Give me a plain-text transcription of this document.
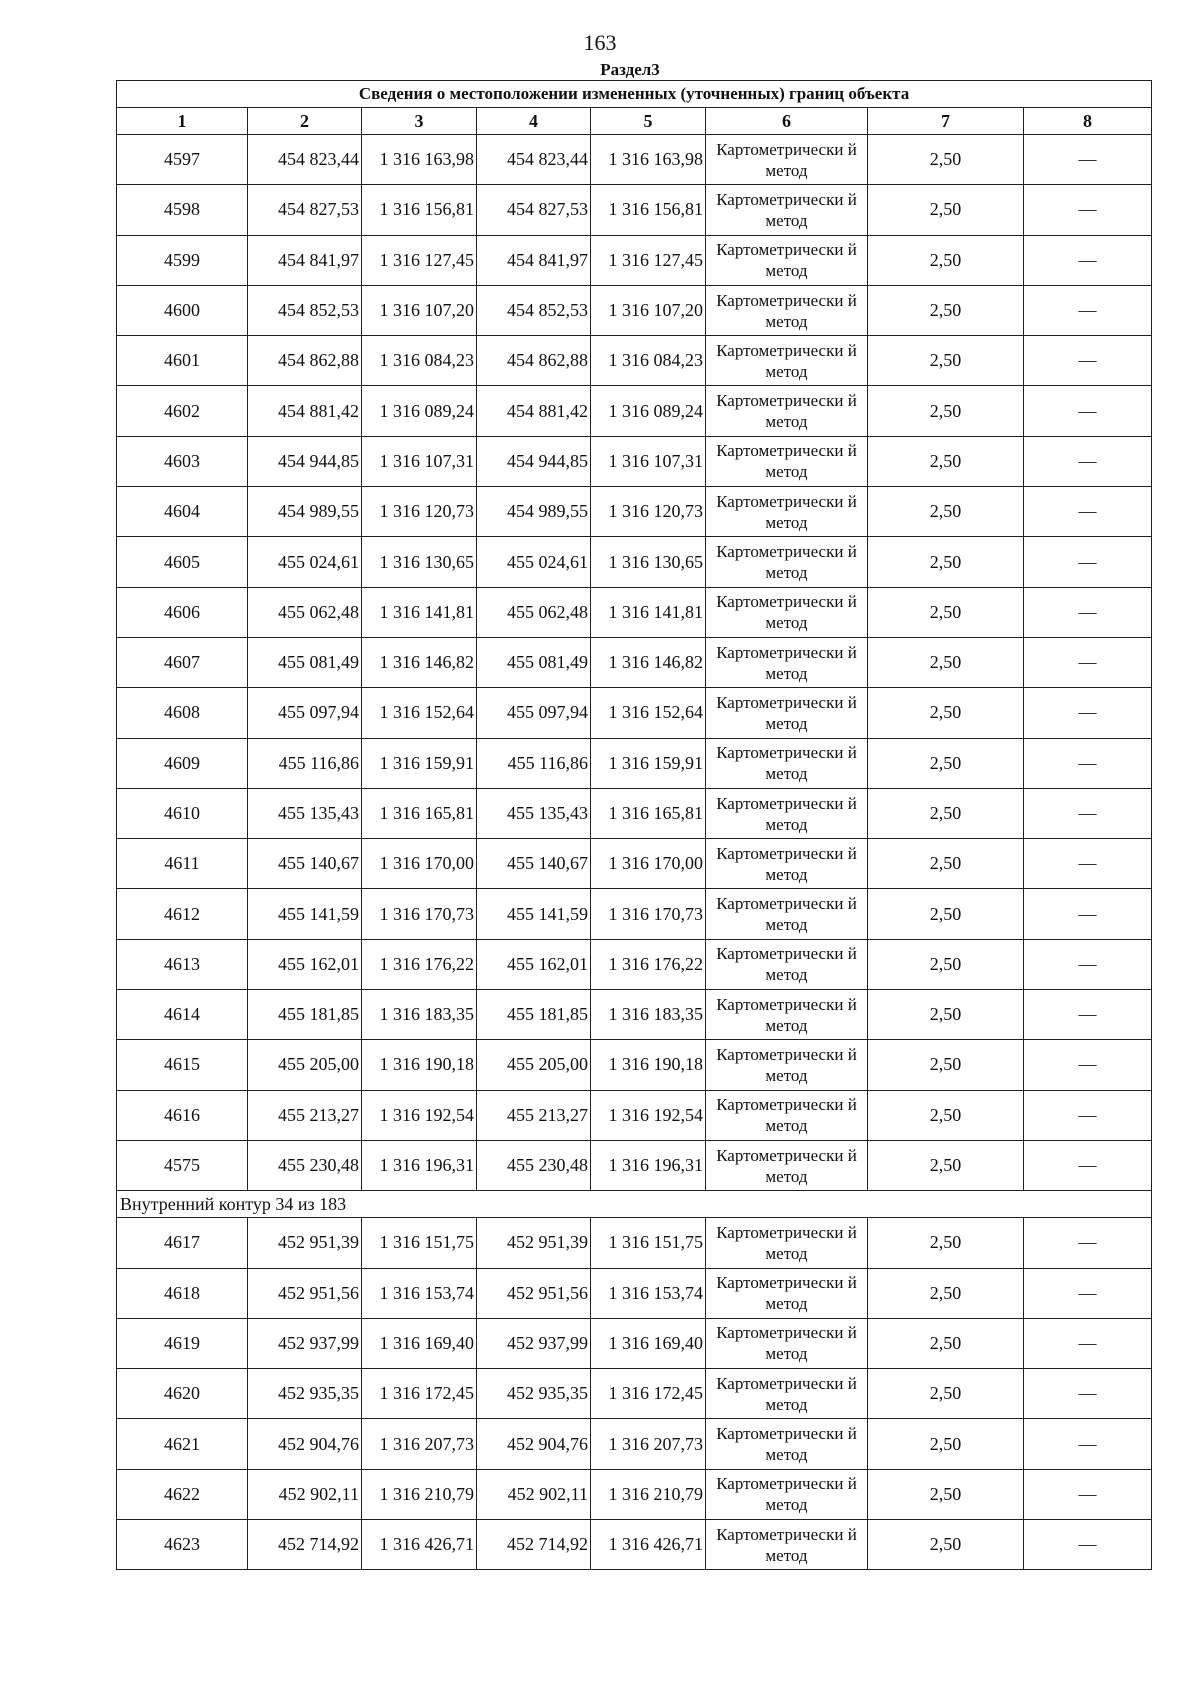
163
Раздел3
Сведения о местоположении измененных (уточненных) границ объекта							
1	2	3	4	5	6	7	8
4597	454 823,44	1 316 163,98	454 823,44	1 316 163,98	Картометрически й метод	2,50	—
4598	454 827,53	1 316 156,81	454 827,53	1 316 156,81	Картометрически й метод	2,50	—
4599	454 841,97	1 316 127,45	454 841,97	1 316 127,45	Картометрически й метод	2,50	—
4600	454 852,53	1 316 107,20	454 852,53	1 316 107,20	Картометрически й метод	2,50	—
4601	454 862,88	1 316 084,23	454 862,88	1 316 084,23	Картометрически й метод	2,50	—
4602	454 881,42	1 316 089,24	454 881,42	1 316 089,24	Картометрически й метод	2,50	—
4603	454 944,85	1 316 107,31	454 944,85	1 316 107,31	Картометрически й метод	2,50	—
4604	454 989,55	1 316 120,73	454 989,55	1 316 120,73	Картометрически й метод	2,50	—
4605	455 024,61	1 316 130,65	455 024,61	1 316 130,65	Картометрически й метод	2,50	—
4606	455 062,48	1 316 141,81	455 062,48	1 316 141,81	Картометрически й метод	2,50	—
4607	455 081,49	1 316 146,82	455 081,49	1 316 146,82	Картометрически й метод	2,50	—
4608	455 097,94	1 316 152,64	455 097,94	1 316 152,64	Картометрически й метод	2,50	—
4609	455 116,86	1 316 159,91	455 116,86	1 316 159,91	Картометрически й метод	2,50	—
4610	455 135,43	1 316 165,81	455 135,43	1 316 165,81	Картометрически й метод	2,50	—
4611	455 140,67	1 316 170,00	455 140,67	1 316 170,00	Картометрически й метод	2,50	—
4612	455 141,59	1 316 170,73	455 141,59	1 316 170,73	Картометрически й метод	2,50	—
4613	455 162,01	1 316 176,22	455 162,01	1 316 176,22	Картометрически й метод	2,50	—
4614	455 181,85	1 316 183,35	455 181,85	1 316 183,35	Картометрически й метод	2,50	—
4615	455 205,00	1 316 190,18	455 205,00	1 316 190,18	Картометрически й метод	2,50	—
4616	455 213,27	1 316 192,54	455 213,27	1 316 192,54	Картометрически й метод	2,50	—
4575	455 230,48	1 316 196,31	455 230,48	1 316 196,31	Картометрически й метод	2,50	—
Внутренний контур 34 из 183							
4617	452 951,39	1 316 151,75	452 951,39	1 316 151,75	Картометрически й метод	2,50	—
4618	452 951,56	1 316 153,74	452 951,56	1 316 153,74	Картометрически й метод	2,50	—
4619	452 937,99	1 316 169,40	452 937,99	1 316 169,40	Картометрически й метод	2,50	—
4620	452 935,35	1 316 172,45	452 935,35	1 316 172,45	Картометрически й метод	2,50	—
4621	452 904,76	1 316 207,73	452 904,76	1 316 207,73	Картометрически й метод	2,50	—
4622	452 902,11	1 316 210,79	452 902,11	1 316 210,79	Картометрически й метод	2,50	—
4623	452 714,92	1 316 426,71	452 714,92	1 316 426,71	Картометрически й метод	2,50	—
